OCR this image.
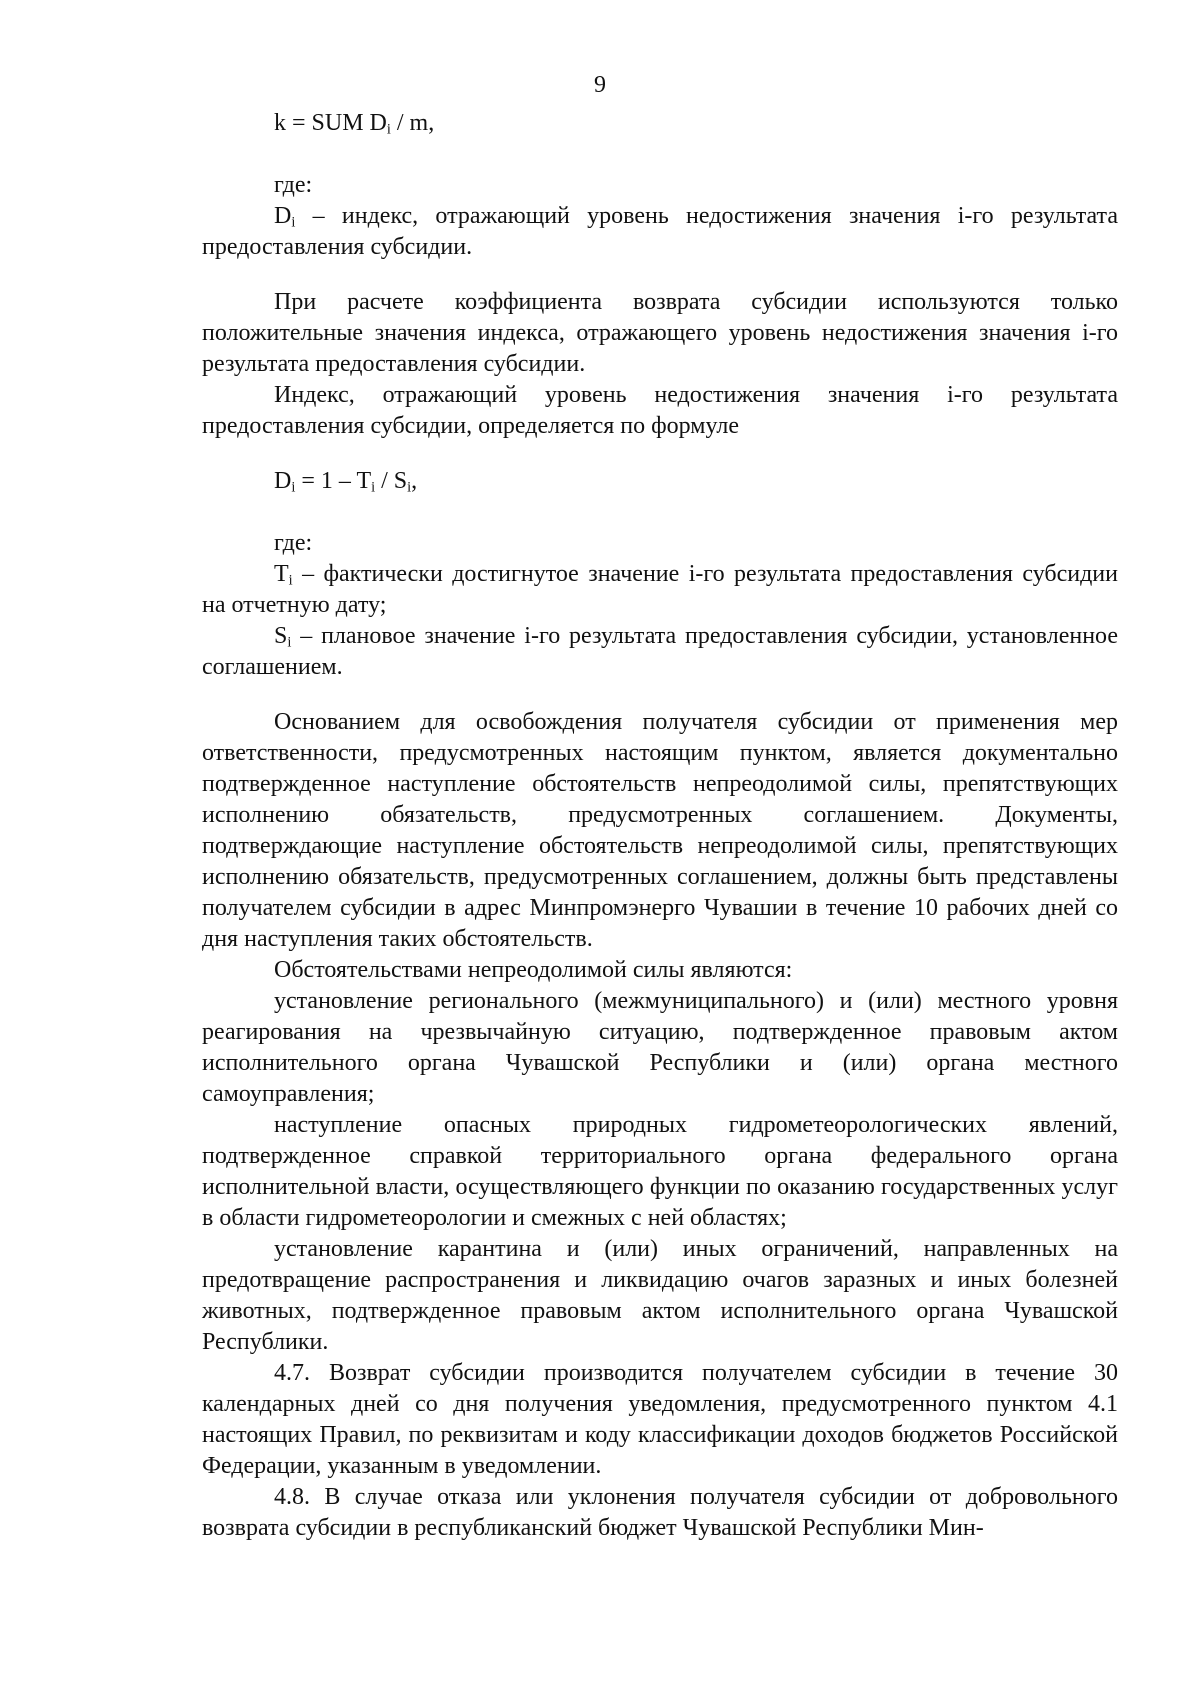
9
k = SUM $D_i$ / m,
где:

$D_i$ – индекс, отражающий уровень недостижения значения i-го результата предоставления субсидии.

При расчете коэффициента возврата субсидии используются только положительные значения индекса, отражающего уровень недостижения значения i-го результата предоставления субсидии.

Индекс, отражающий уровень недостижения значения i-го результата предоставления субсидии, определяется по формуле

$D_i = 1 - T_i / S_i$,
где:

$T_i$ – фактически достигнутое значение i-го результата предоставления субсидии на отчетную дату;

$S_i$ – плановое значение i-го результата предоставления субсидии, установленное соглашением.

Основанием для освобождения получателя субсидии от применения мер ответственности, предусмотренных настоящим пунктом, является документально подтвержденное наступление обстоятельств непреодолимой силы, препятствующих исполнению обязательств, предусмотренных соглашением. Документы, подтверждающие наступление обстоятельств непреодолимой силы, препятствующих исполнению обязательств, предусмотренных соглашением, должны быть представлены получателем субсидии в адрес Минпромэнерго Чувашии в течение 10 рабочих дней со дня наступления таких обстоятельств.

Обстоятельствами непреодолимой силы являются:

установление регионального (межмуниципального) и (или) местного уровня реагирования на чрезвычайную ситуацию, подтвержденное правовым актом исполнительного органа Чувашской Республики и (или) органа местного самоуправления;

наступление опасных природных гидрометеорологических явлений, подтвержденное справкой территориального органа федерального органа исполнительной власти, осуществляющего функции по оказанию государственных услуг в области гидрометеорологии и смежных с ней областях;

установление карантина и (или) иных ограничений, направленных на предотвращение распространения и ликвидацию очагов заразных и иных болезней животных, подтвержденное правовым актом исполнительного органа Чувашской Республики.

4.7. Возврат субсидии производится получателем субсидии в течение 30 календарных дней со дня получения уведомления, предусмотренного пунктом 4.1 настоящих Правил, по реквизитам и коду классификации доходов бюджетов Российской Федерации, указанным в уведомлении.

4.8. В случае отказа или уклонения получателя субсидии от добровольного возврата субсидии в республиканский бюджет Чувашской Республики Мин-
